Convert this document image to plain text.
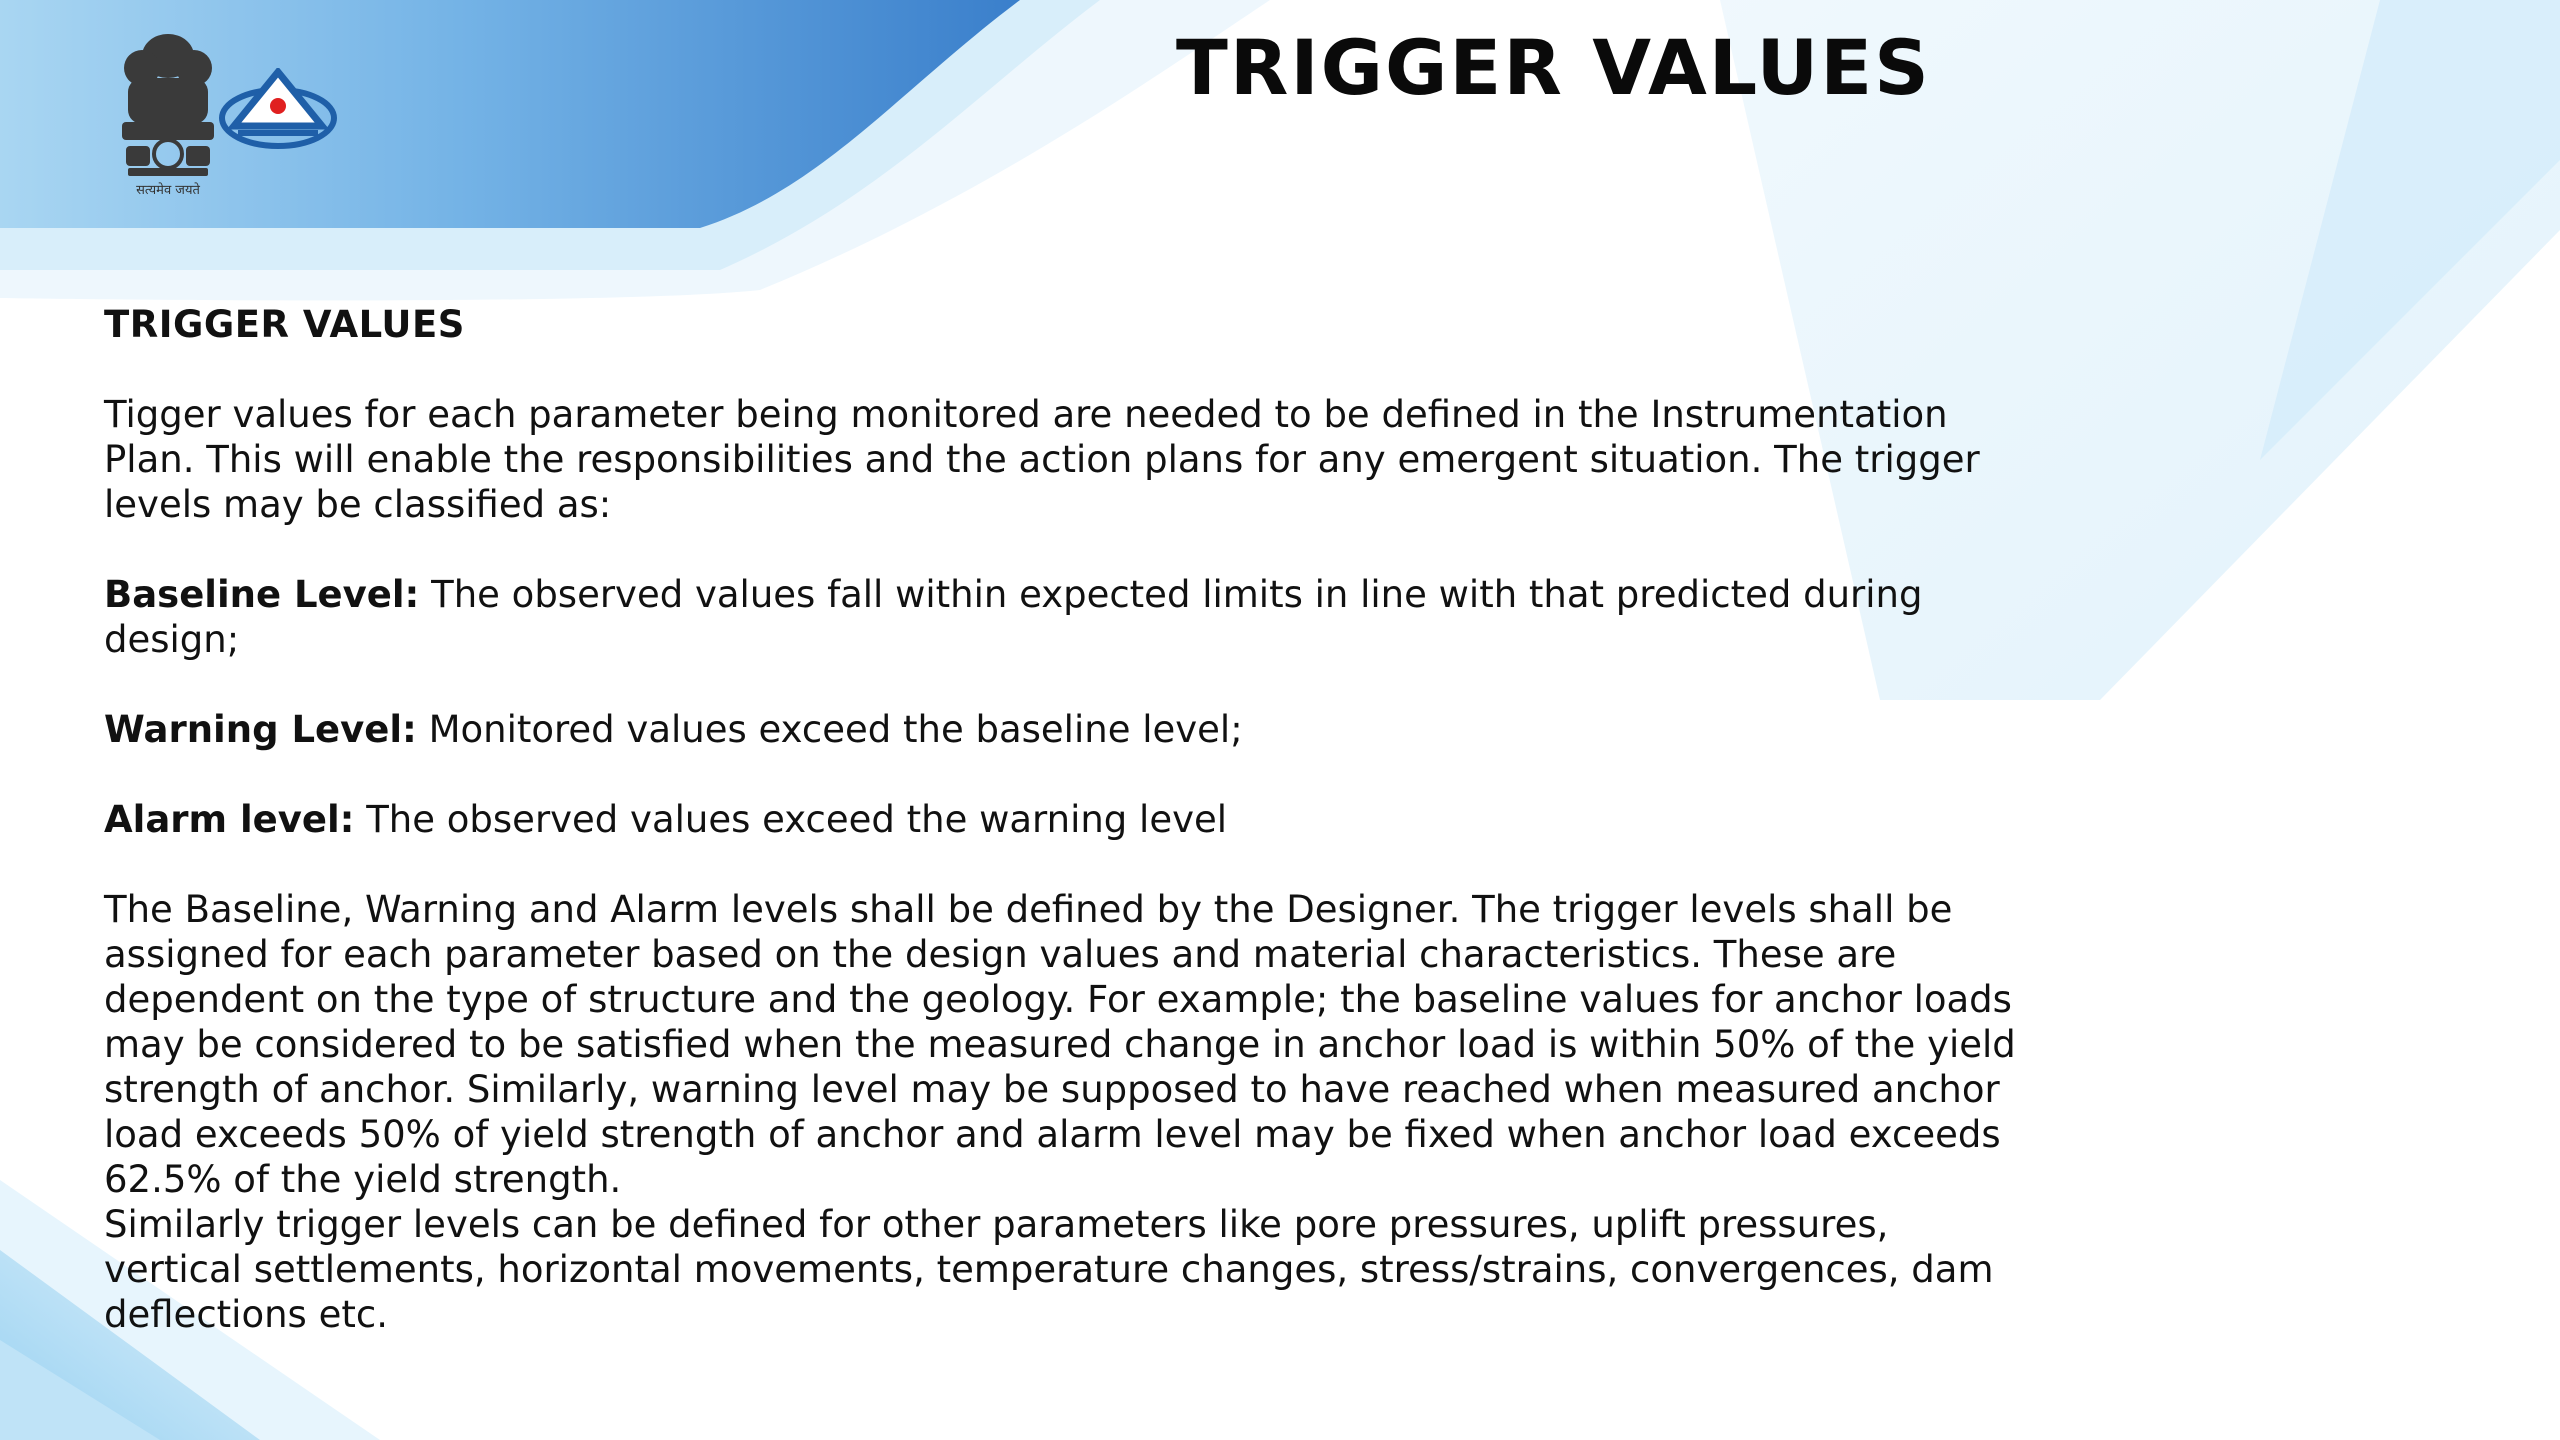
सत्यमेव जयते
TRIGGER VALUES

TRIGGER VALUES

Tigger values for each parameter being monitored are needed to be defined in the Instrumentation
Plan. This will enable the responsibilities and the action plans for any emergent situation. The trigger
levels may be classified as:

Baseline Level: The observed values fall within expected limits in line with that predicted during
design;

Warning Level: Monitored values exceed the baseline level;

Alarm level: The observed values exceed the warning level

The Baseline, Warning and Alarm levels shall be defined by the Designer. The trigger levels shall be
assigned for each parameter based on the design values and material characteristics. These are
dependent on the type of structure and the geology. For example; the baseline values for anchor loads
may be considered to be satisfied when the measured change in anchor load is within 50% of the yield
strength of anchor. Similarly, warning level may be supposed to have reached when measured anchor
load exceeds 50% of yield strength of anchor and alarm level may be fixed when anchor load exceeds
62.5% of the yield strength.

Similarly trigger levels can be defined for other parameters like pore pressures, uplift pressures,
vertical settlements, horizontal movements, temperature changes, stress/strains, convergences, dam
deflections etc.
